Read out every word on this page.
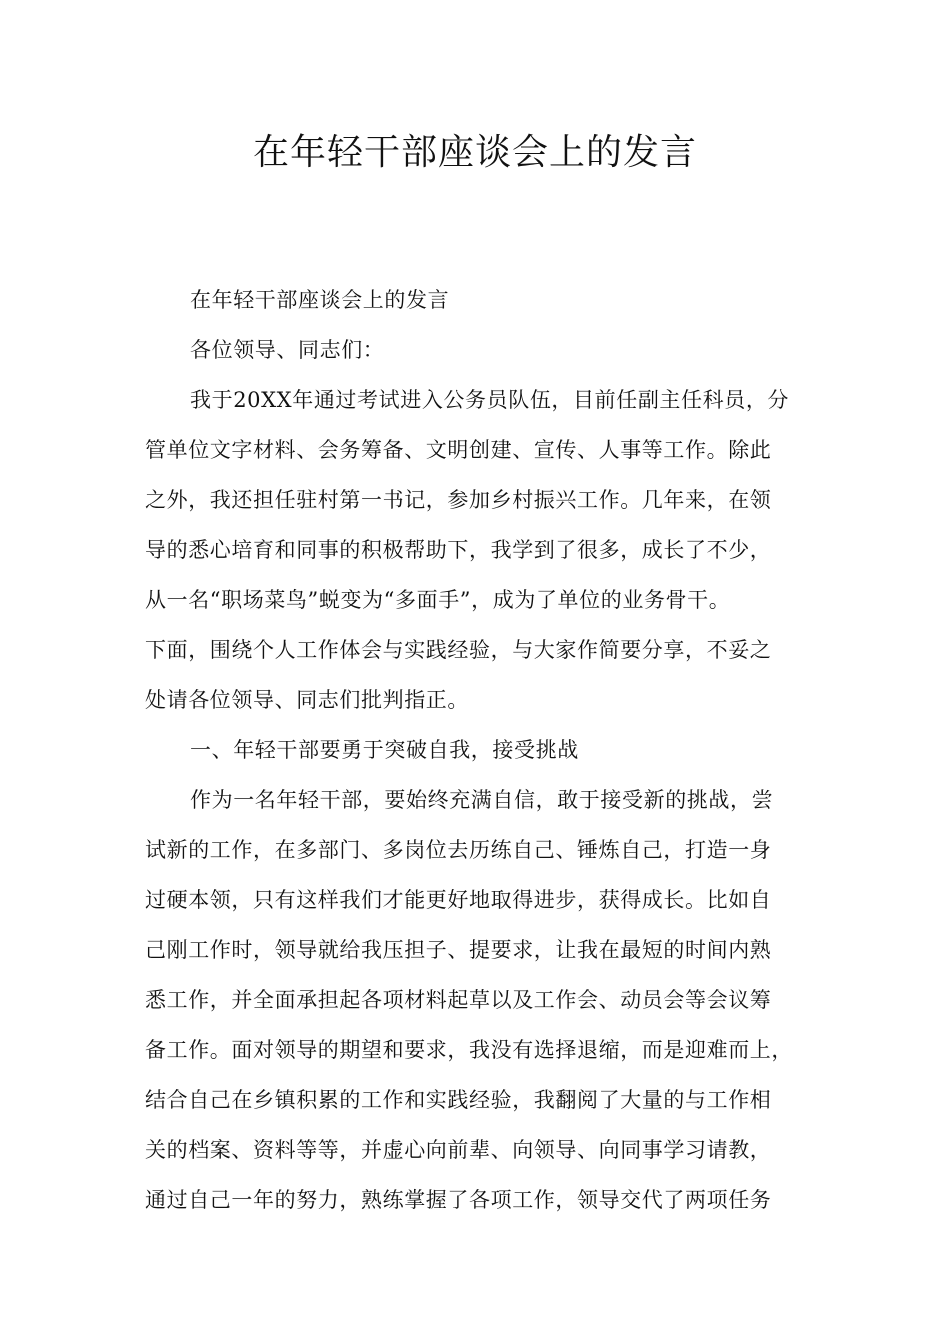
在年轻干部座谈会上的发言

在年轻干部座谈会上的发言

各位领导、同志们：

我于20XX年通过考试进入公务员队伍，目前任副主任科员，分

管单位文字材料、会务筹备、文明创建、宣传、人事等工作。除此

之外，我还担任驻村第一书记，参加乡村振兴工作。几年来，在领

导的悉心培育和同事的积极帮助下，我学到了很多，成长了不少，

从一名“职场菜鸟”蜕变为“多面手”，成为了单位的业务骨干。

下面，围绕个人工作体会与实践经验，与大家作简要分享，不妥之

处请各位领导、同志们批判指正。

一、年轻干部要勇于突破自我，接受挑战

作为一名年轻干部，要始终充满自信，敢于接受新的挑战，尝

试新的工作，在多部门、多岗位去历练自己、锤炼自己，打造一身

过硬本领，只有这样我们才能更好地取得进步，获得成长。比如自

己刚工作时，领导就给我压担子、提要求，让我在最短的时间内熟

悉工作，并全面承担起各项材料起草以及工作会、动员会等会议筹

备工作。面对领导的期望和要求，我没有选择退缩，而是迎难而上，

结合自己在乡镇积累的工作和实践经验，我翻阅了大量的与工作相

关的档案、资料等等，并虚心向前辈、向领导、向同事学习请教，

通过自己一年的努力，熟练掌握了各项工作，领导交代了两项任务
